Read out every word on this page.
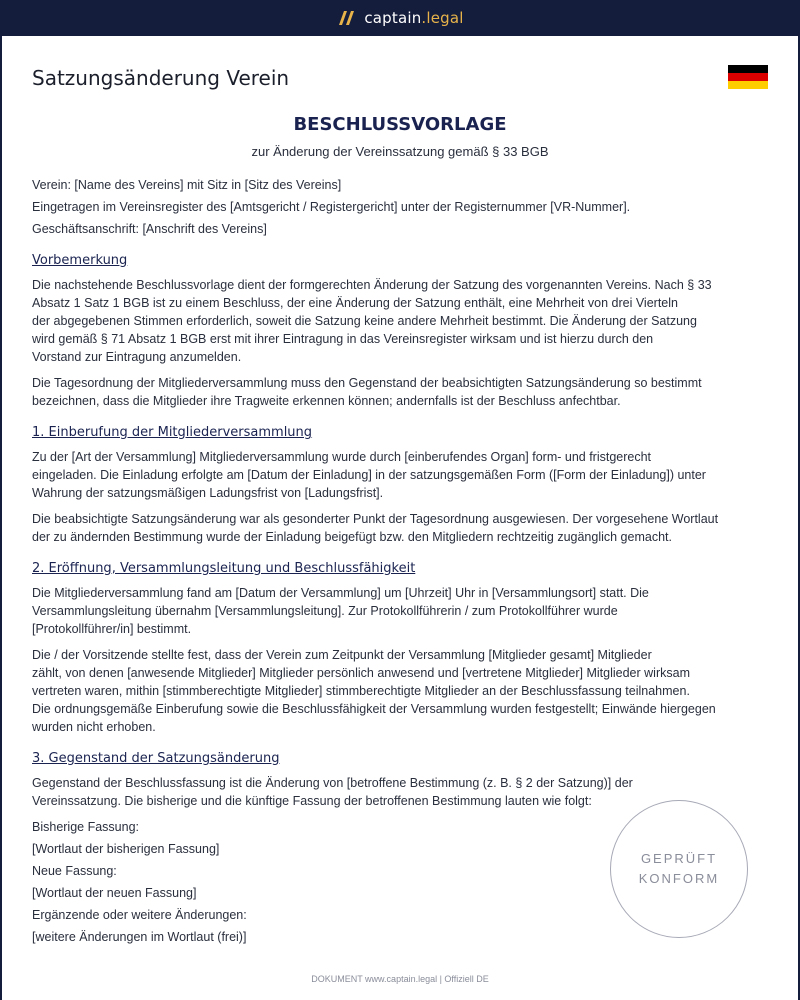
captain.legal
Satzungsänderung Verein
BESCHLUSSVORLAGE

zur Änderung der Vereinssatzung gemäß § 33 BGB

Verein: [Name des Vereins] mit Sitz in [Sitz des Vereins]

Eingetragen im Vereinsregister des [Amtsgericht / Registergericht] unter der Registernummer [VR-Nummer].

Geschäftsanschrift: [Anschrift des Vereins]

Vorbemerkung

Die nachstehende Beschlussvorlage dient der formgerechten Änderung der Satzung des vorgenannten Vereins. Nach § 33
Absatz 1 Satz 1 BGB ist zu einem Beschluss, der eine Änderung der Satzung enthält, eine Mehrheit von drei Vierteln
der abgegebenen Stimmen erforderlich, soweit die Satzung keine andere Mehrheit bestimmt. Die Änderung der Satzung
wird gemäß § 71 Absatz 1 BGB erst mit ihrer Eintragung in das Vereinsregister wirksam und ist hierzu durch den
Vorstand zur Eintragung anzumelden.

Die Tagesordnung der Mitgliederversammlung muss den Gegenstand der beabsichtigten Satzungsänderung so bestimmt
bezeichnen, dass die Mitglieder ihre Tragweite erkennen können; andernfalls ist der Beschluss anfechtbar.

1. Einberufung der Mitgliederversammlung

Zu der [Art der Versammlung] Mitgliederversammlung wurde durch [einberufendes Organ] form- und fristgerecht
eingeladen. Die Einladung erfolgte am [Datum der Einladung] in der satzungsgemäßen Form ([Form der Einladung]) unter
Wahrung der satzungsmäßigen Ladungsfrist von [Ladungsfrist].

Die beabsichtigte Satzungsänderung war als gesonderter Punkt der Tagesordnung ausgewiesen. Der vorgesehene Wortlaut
der zu ändernden Bestimmung wurde der Einladung beigefügt bzw. den Mitgliedern rechtzeitig zugänglich gemacht.

2. Eröffnung, Versammlungsleitung und Beschlussfähigkeit

Die Mitgliederversammlung fand am [Datum der Versammlung] um [Uhrzeit] Uhr in [Versammlungsort] statt. Die
Versammlungsleitung übernahm [Versammlungsleitung]. Zur Protokollführerin / zum Protokollführer wurde
[Protokollführer/in] bestimmt.

Die / der Vorsitzende stellte fest, dass der Verein zum Zeitpunkt der Versammlung [Mitglieder gesamt] Mitglieder
zählt, von denen [anwesende Mitglieder] Mitglieder persönlich anwesend und [vertretene Mitglieder] Mitglieder wirksam
vertreten waren, mithin [stimmberechtigte Mitglieder] stimmberechtigte Mitglieder an der Beschlussfassung teilnahmen.
Die ordnungsgemäße Einberufung sowie die Beschlussfähigkeit der Versammlung wurden festgestellt; Einwände hiergegen
wurden nicht erhoben.

3. Gegenstand der Satzungsänderung

Gegenstand der Beschlussfassung ist die Änderung von [betroffene Bestimmung (z. B. § 2 der Satzung)] der
Vereinssatzung. Die bisherige und die künftige Fassung der betroffenen Bestimmung lauten wie folgt:

Bisherige Fassung:

[Wortlaut der bisherigen Fassung]

Neue Fassung:

[Wortlaut der neuen Fassung]

Ergänzende oder weitere Änderungen:

[weitere Änderungen im Wortlaut (frei)]

GEPRÜFT
KONFORM
DOKUMENT www.captain.legal | Offiziell DE
